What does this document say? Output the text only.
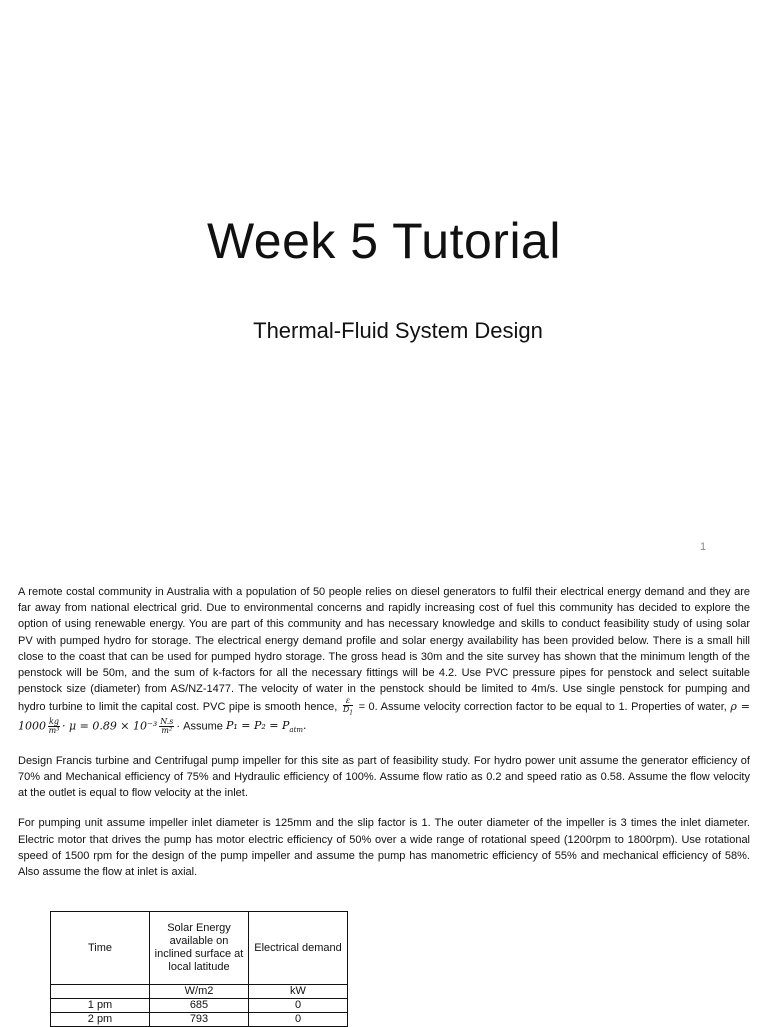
Week 5 Tutorial
Thermal-Fluid System Design
1

A remote costal community in Australia with a population of 50 people relies on diesel generators to fulfil their electrical energy demand and they are far away from national electrical grid. Due to environmental concerns and rapidly increasing cost of fuel this community has decided to explore the option of using renewable energy. You are part of this community and has necessary knowledge and skills to conduct feasibility study of using solar PV with pumped hydro for storage. The electrical energy demand profile and solar energy availability has been provided below. There is a small hill close to the coast that can be used for pumped hydro storage. The gross head is 30m and the site survey has shown that the minimum length of the penstock will be 50m, and the sum of k-factors for all the necessary fittings will be 4.2. Use PVC pressure pipes for penstock and select suitable penstock size (diameter) from AS/NZ-1477. The velocity of water in the penstock should be limited to 4m/s. Use single penstock for pumping and hydro turbine to limit the capital cost. PVC pipe is smooth hence, $\frac{\varepsilon}{D_1} = 0$. Assume velocity correction factor to be equal to 1. Properties of water, $\rho = 1000 \frac{kg}{\text{m³}} \cdot \mu = 0.89 \times 10^{-3} \frac{N.s}{\text{m²}}$ · Assume $P_1 = P_2 = P_{atm}$.

Design Francis turbine and Centrifugal pump impeller for this site as part of feasibility study. For hydro power unit assume the generator efficiency of 70% and Mechanical efficiency of 75% and Hydraulic efficiency of 100%. Assume flow ratio as 0.2 and speed ratio as 0.58. Assume the flow velocity at the outlet is equal to flow velocity at the inlet.

For pumping unit assume impeller inlet diameter is 125mm and the slip factor is 1. The outer diameter of the impeller is 3 times the inlet diameter. Electric motor that drives the pump has motor electric efficiency of 50% over a wide range of rotational speed (1200rpm to 1800rpm). Use rotational speed of 1500 rpm for the design of the pump impeller and assume the pump has manometric efficiency of 55% and mechanical efficiency of 58%. Also assume the flow at inlet is axial.

Time	Solar Energy available on inclined surface at local latitude	Electrical demand
	W/m2	kW
1 pm	685	0
2 pm	793	0
